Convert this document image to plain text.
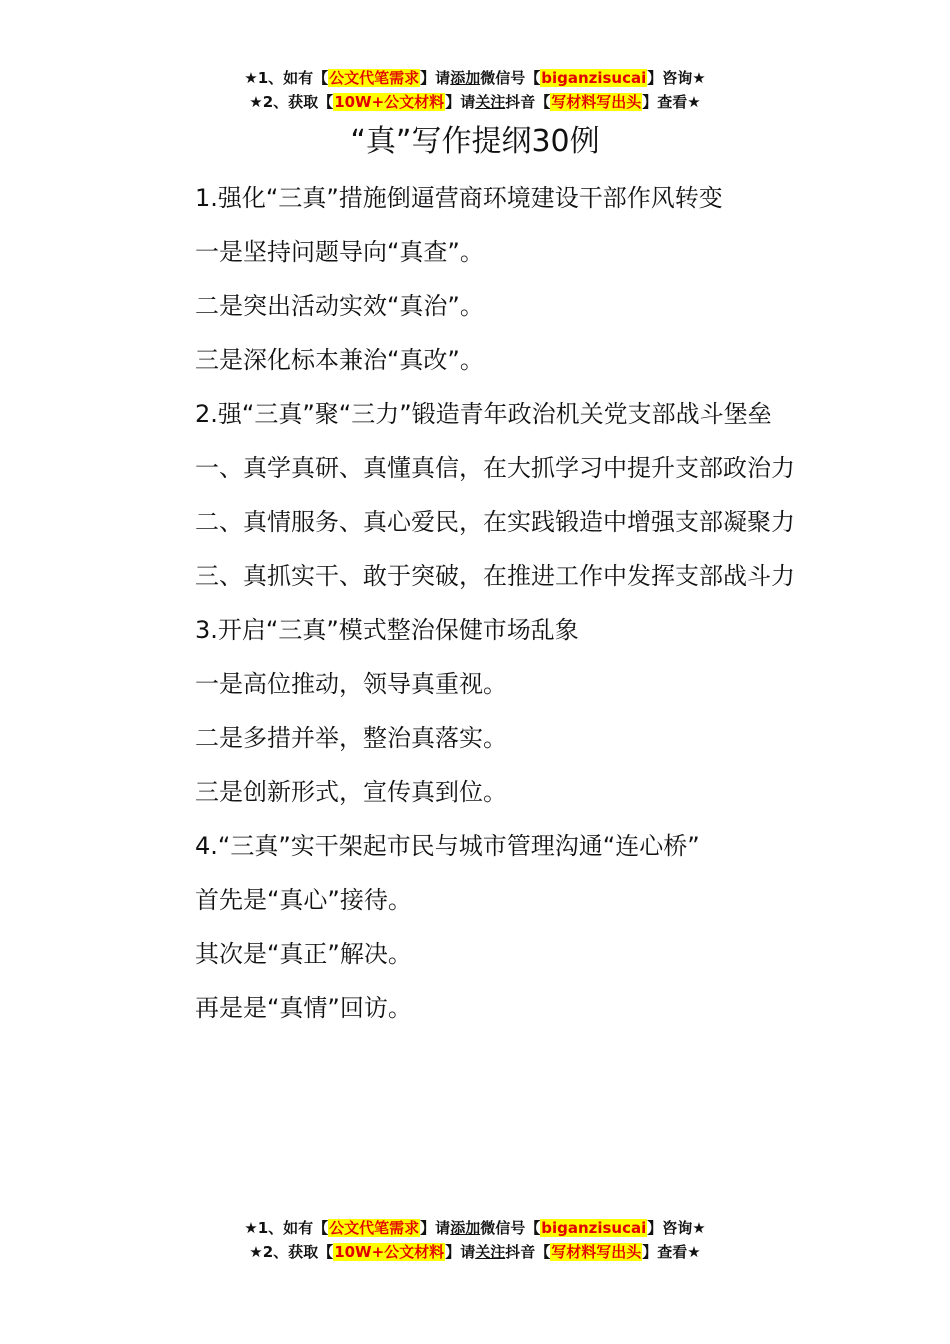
★1、如有【公文代笔需求】请添加微信号【biganzisucai】咨询★
★2、获取【10W+公文材料】请关注抖音【写材料写出头】查看★
“真”写作提纲30例

1.强化“三真”措施倒逼营商环境建设干部作风转变

一是坚持问题导向“真查”。

二是突出活动实效“真治”。

三是深化标本兼治“真改”。

2.强“三真”聚“三力”锻造青年政治机关党支部战斗堡垒

一、真学真研、真懂真信，在大抓学习中提升支部政治力

二、真情服务、真心爱民，在实践锻造中增强支部凝聚力

三、真抓实干、敢于突破，在推进工作中发挥支部战斗力

3.开启“三真”模式整治保健市场乱象

一是高位推动，领导真重视。

二是多措并举，整治真落实。

三是创新形式，宣传真到位。

4.“三真”实干架起市民与城市管理沟通“连心桥”

首先是“真心”接待。

其次是“真正”解决。

再是是“真情”回访。

★1、如有【公文代笔需求】请添加微信号【biganzisucai】咨询★
★2、获取【10W+公文材料】请关注抖音【写材料写出头】查看★
